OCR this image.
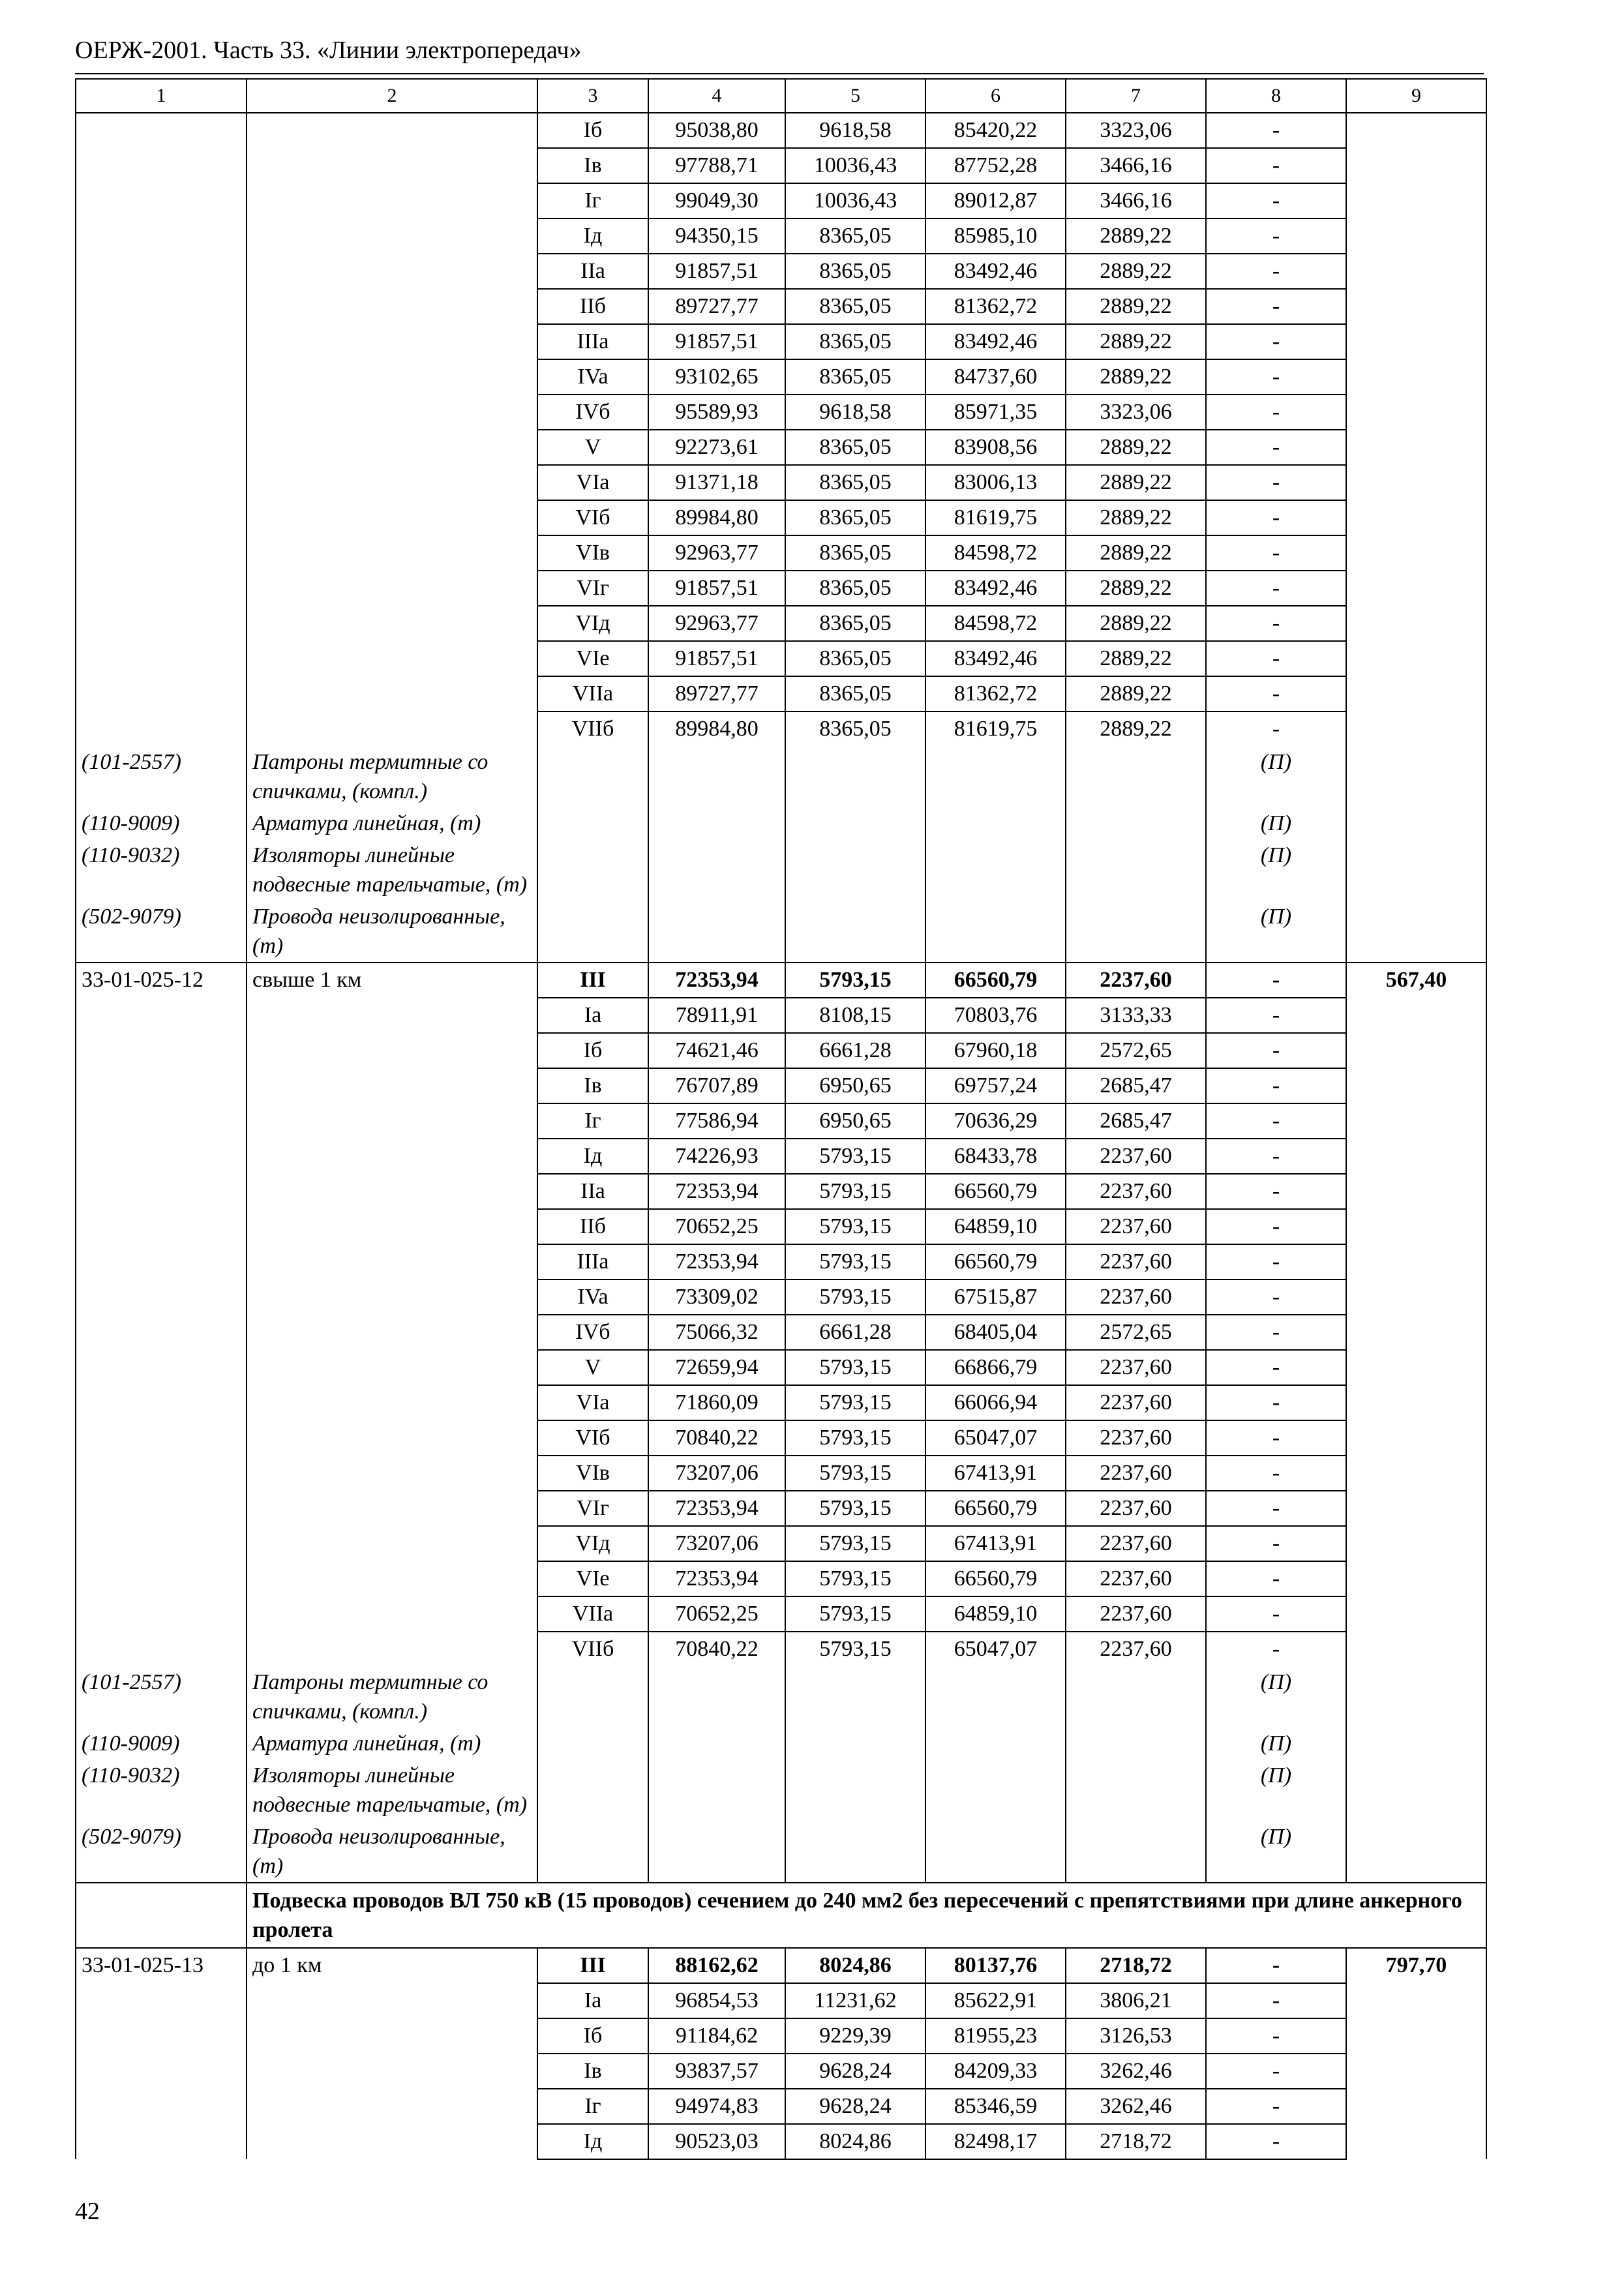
ОЕРЖ-2001. Часть 33. «Линии электропередач»
1	2	3	4	5	6	7	8	9
		Iб	95038,80	9618,58	85420,22	3323,06	-	
		Iв	97788,71	10036,43	87752,28	3466,16	-	
		Iг	99049,30	10036,43	89012,87	3466,16	-	
		Iд	94350,15	8365,05	85985,10	2889,22	-	
		IIa	91857,51	8365,05	83492,46	2889,22	-	
		IIб	89727,77	8365,05	81362,72	2889,22	-	
		IIIa	91857,51	8365,05	83492,46	2889,22	-	
		IVa	93102,65	8365,05	84737,60	2889,22	-	
		IVб	95589,93	9618,58	85971,35	3323,06	-	
		V	92273,61	8365,05	83908,56	2889,22	-	
		VIa	91371,18	8365,05	83006,13	2889,22	-	
		VIб	89984,80	8365,05	81619,75	2889,22	-	
		VIв	92963,77	8365,05	84598,72	2889,22	-	
		VIг	91857,51	8365,05	83492,46	2889,22	-	
		VIд	92963,77	8365,05	84598,72	2889,22	-	
		VIe	91857,51	8365,05	83492,46	2889,22	-	
		VIIa	89727,77	8365,05	81362,72	2889,22	-	
		VIIб	89984,80	8365,05	81619,75	2889,22	-	
(101-2557)	Патроны термитные со спичками, (компл.)						(П)	
(110-9009)	Арматура линейная, (т)						(П)	
(110-9032)	Изоляторы линейные подвесные тарельчатые, (т)						(П)	
(502-9079)	Провода неизолированные, (т)						(П)	
33-01-025-12	свыше 1 км	III	72353,94	5793,15	66560,79	2237,60	-	567,40
		Ia	78911,91	8108,15	70803,76	3133,33	-	
		Iб	74621,46	6661,28	67960,18	2572,65	-	
		Iв	76707,89	6950,65	69757,24	2685,47	-	
		Iг	77586,94	6950,65	70636,29	2685,47	-	
		Iд	74226,93	5793,15	68433,78	2237,60	-	
		IIa	72353,94	5793,15	66560,79	2237,60	-	
		IIб	70652,25	5793,15	64859,10	2237,60	-	
		IIIa	72353,94	5793,15	66560,79	2237,60	-	
		IVa	73309,02	5793,15	67515,87	2237,60	-	
		IVб	75066,32	6661,28	68405,04	2572,65	-	
		V	72659,94	5793,15	66866,79	2237,60	-	
		VIa	71860,09	5793,15	66066,94	2237,60	-	
		VIб	70840,22	5793,15	65047,07	2237,60	-	
		VIв	73207,06	5793,15	67413,91	2237,60	-	
		VIг	72353,94	5793,15	66560,79	2237,60	-	
		VIд	73207,06	5793,15	67413,91	2237,60	-	
		VIe	72353,94	5793,15	66560,79	2237,60	-	
		VIIa	70652,25	5793,15	64859,10	2237,60	-	
		VIIб	70840,22	5793,15	65047,07	2237,60	-	
(101-2557)	Патроны термитные со спичками, (компл.)						(П)	
(110-9009)	Арматура линейная, (т)						(П)	
(110-9032)	Изоляторы линейные подвесные тарельчатые, (т)						(П)	
(502-9079)	Провода неизолированные, (т)						(П)	
	Подвеска проводов ВЛ 750 кВ (15 проводов) сечением до 240 мм2 без пересечений с препятствиями при длине анкерного пролета							
33-01-025-13	до 1 км	III	88162,62	8024,86	80137,76	2718,72	-	797,70
		Ia	96854,53	11231,62	85622,91	3806,21	-	
		Iб	91184,62	9229,39	81955,23	3126,53	-	
		Iв	93837,57	9628,24	84209,33	3262,46	-	
		Iг	94974,83	9628,24	85346,59	3262,46	-	
		Iд	90523,03	8024,86	82498,17	2718,72	-	
42
